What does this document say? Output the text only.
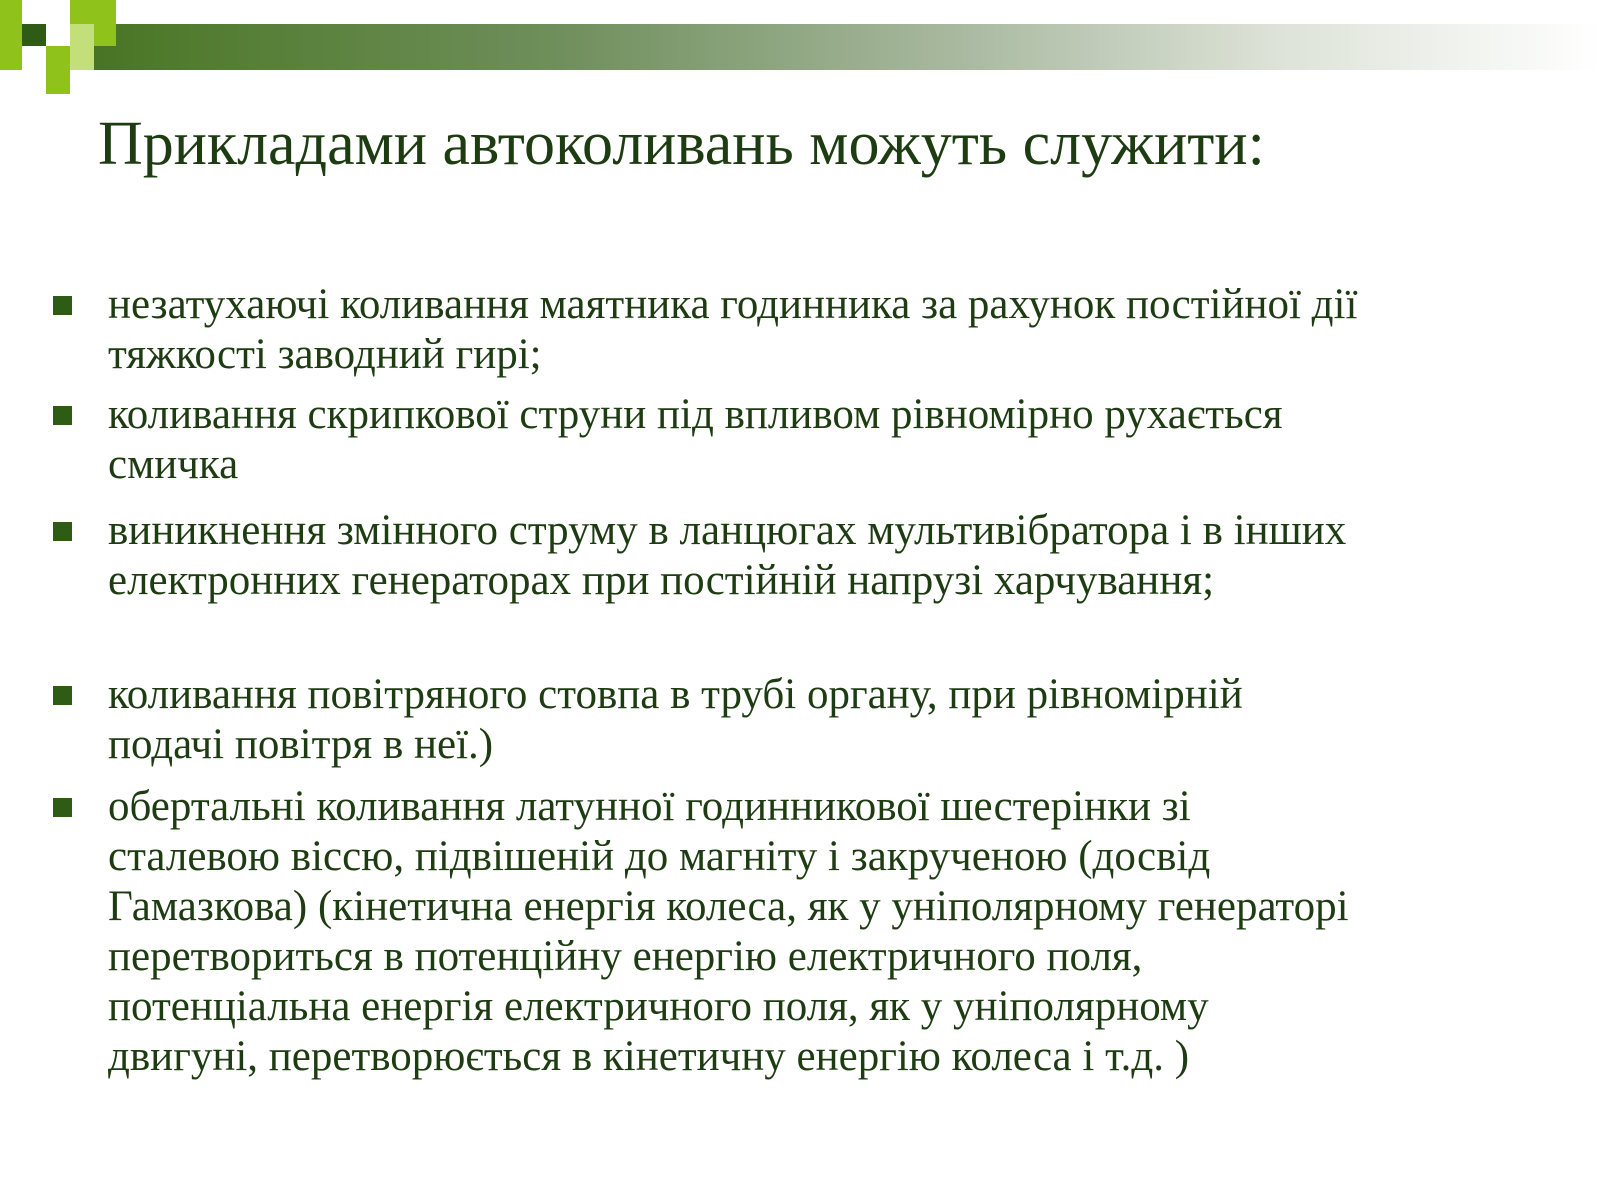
Прикладами автоколивань можуть служити:
незатухаючі коливання маятника годинника за рахунок постійної дії тяжкості заводний гирі;
коливання скрипкової струни під впливом рівномірно рухається смичка
виникнення змінного струму в ланцюгах мультивібратора і в інших електронних генераторах при постійній напрузі харчування;
коливання повітряного стовпа в трубі органу, при рівномірній подачі повітря в неї.)
обертальні коливання латунної годинникової шестерінки зі сталевою віссю, підвішеній до магніту і закрученою (досвід Гамазкова) (кінетична енергія колеса, як у уніполярному генераторі перетвориться в потенційну енергію електричного поля, потенціальна енергія електричного поля, як у уніполярному двигуні, перетворюється в кінетичну енергію колеса і т.д. )
